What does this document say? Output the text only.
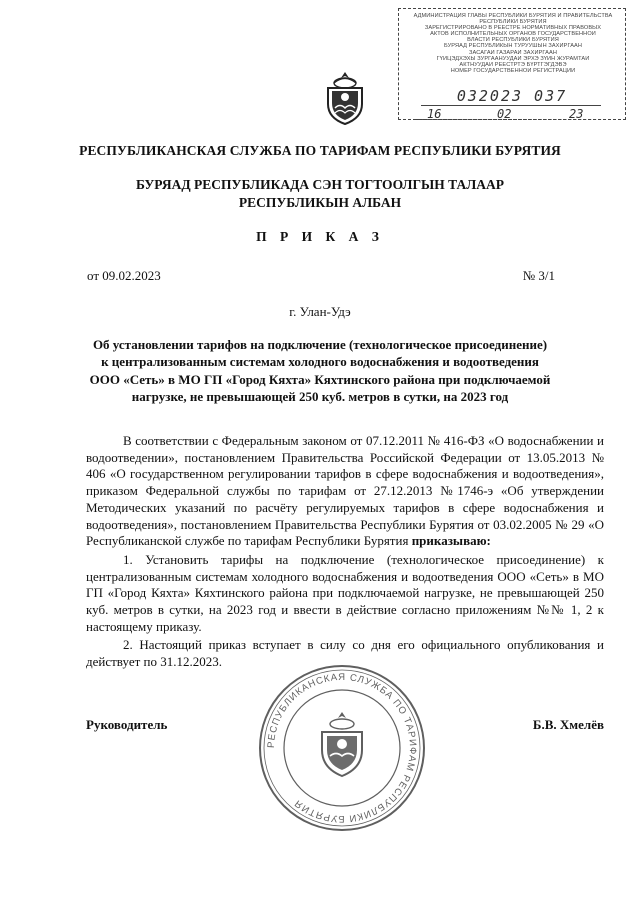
АДМИНИСТРАЦИЯ ГЛАВЫ РЕСПУБЛИКИ БУРЯТИЯ И ПРАВИТЕЛЬСТВА
РЕСПУБЛИКИ БУРЯТИЯ
ЗАРЕГИСТРИРОВАНО В РЕЕСТРЕ НОРМАТИВНЫХ ПРАВОВЫХ
АКТОВ ИСПОЛНИТЕЛЬНЫХ ОРГАНОВ ГОСУДАРСТВЕННОЙ
ВЛАСТИ РЕСПУБЛИКИ БУРЯТИЯ
БУРЯАД РЕСПУБЛИКЫН ТУРУУШЫН ЗАХИРГААН
ЗАСАГАЙ ГАЗАРАЙ ЗАХИРГААН
ГҮЙЦЭДХЭХЫ ЗУРГААНУУДАЙ ЭРХЭ ЗҮЙН ЖУРАМТАЙ
АКТНУУДАЙ РЕЕСТРТЭ БҮРТГЭГДЭВЭ
НОМЕР ГОСУДАРСТВЕННОЙ РЕГИСТРАЦИИ
032023 037
16	02	23
РЕСПУБЛИКАНСКАЯ СЛУЖБА ПО ТАРИФАМ РЕСПУБЛИКИ БУРЯТИЯ
БУРЯАД РЕСПУБЛИКАДА СЭН ТОГТООЛГЫН ТАЛААР
РЕСПУБЛИКЫН АЛБАН
П Р И К А З
от 09.02.2023	№ 3/1
г. Улан-Удэ
Об установлении тарифов на подключение (технологическое присоединение) к централизованным системам холодного водоснабжения и водоотведения ООО «Сеть» в МО ГП «Город Кяхта» Кяхтинского района при подключаемой нагрузке, не превышающей 250 куб. метров в сутки, на 2023 год

В соответствии с Федеральным законом от 07.12.2011 № 416-ФЗ «О водоснабжении и водоотведении», постановлением Правительства Российской Федерации от 13.05.2013 № 406 «О государственном регулировании тарифов в сфере водоснабжения и водоотведения», приказом Федеральной службы по тарифам от 27.12.2013 №1746-э «Об утверждении Методических указаний по расчёту регулируемых тарифов в сфере водоснабжения и водоотведения», постановлением Правительства Республики Бурятия от 03.02.2005 № 29 «О Республиканской службе по тарифам Республики Бурятия приказываю:

1. Установить тарифы на подключение (технологическое присоединение) к централизованным системам холодного водоснабжения и водоотведения ООО «Сеть» в МО ГП «Город Кяхта» Кяхтинского района при подключаемой нагрузке, не превышающей 250 куб. метров в сутки, на 2023 год и ввести в действие согласно приложениям №№ 1, 2 к настоящему приказу.

2. Настоящий приказ вступает в силу со дня его официального опубликования и действует по 31.12.2023.

РЕСПУБЛИКАНСКАЯ СЛУЖБА ПО ТАРИФАМ РЕСПУБЛИКИ БУРЯТИЯ
Руководитель	Б.В. Хмелёв
